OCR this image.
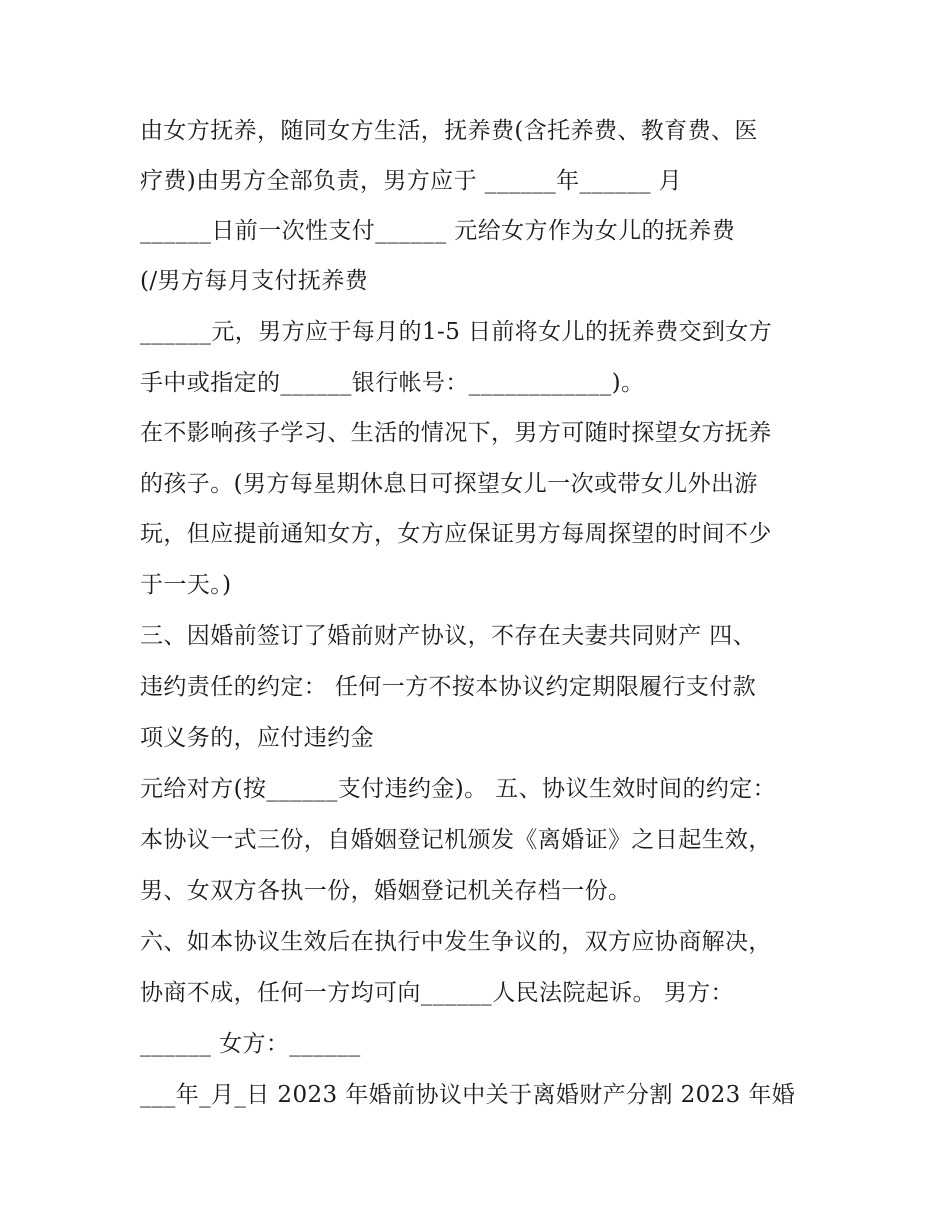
由女方抚养，随同女方生活，抚养费(含托养费、教育费、医

疗费)由男方全部负责，男方应于 ______年______ 月

______日前一次性支付______ 元给女方作为女儿的抚养费

(/男方每月支付抚养费

______元，男方应于每月的1-5 日前将女儿的抚养费交到女方

手中或指定的______银行帐号：____________)。

在不影响孩子学习、生活的情况下，男方可随时探望女方抚养

的孩子。(男方每星期休息日可探望女儿一次或带女儿外出游

玩，但应提前通知女方，女方应保证男方每周探望的时间不少

于一天。)

三、因婚前签订了婚前财产协议，不存在夫妻共同财产 四、

违约责任的约定： 任何一方不按本协议约定期限履行支付款

项义务的，应付违约金

元给对方(按______支付违约金)。 五、协议生效时间的约定：

本协议一式三份，自婚姻登记机颁发《离婚证》之日起生效，

男、女双方各执一份，婚姻登记机关存档一份。

六、如本协议生效后在执行中发生争议的，双方应协商解决，

协商不成，任何一方均可向______人民法院起诉。 男方：

______ 女方：______

___年_月_日 2023 年婚前协议中关于离婚财产分割 2023 年婚
